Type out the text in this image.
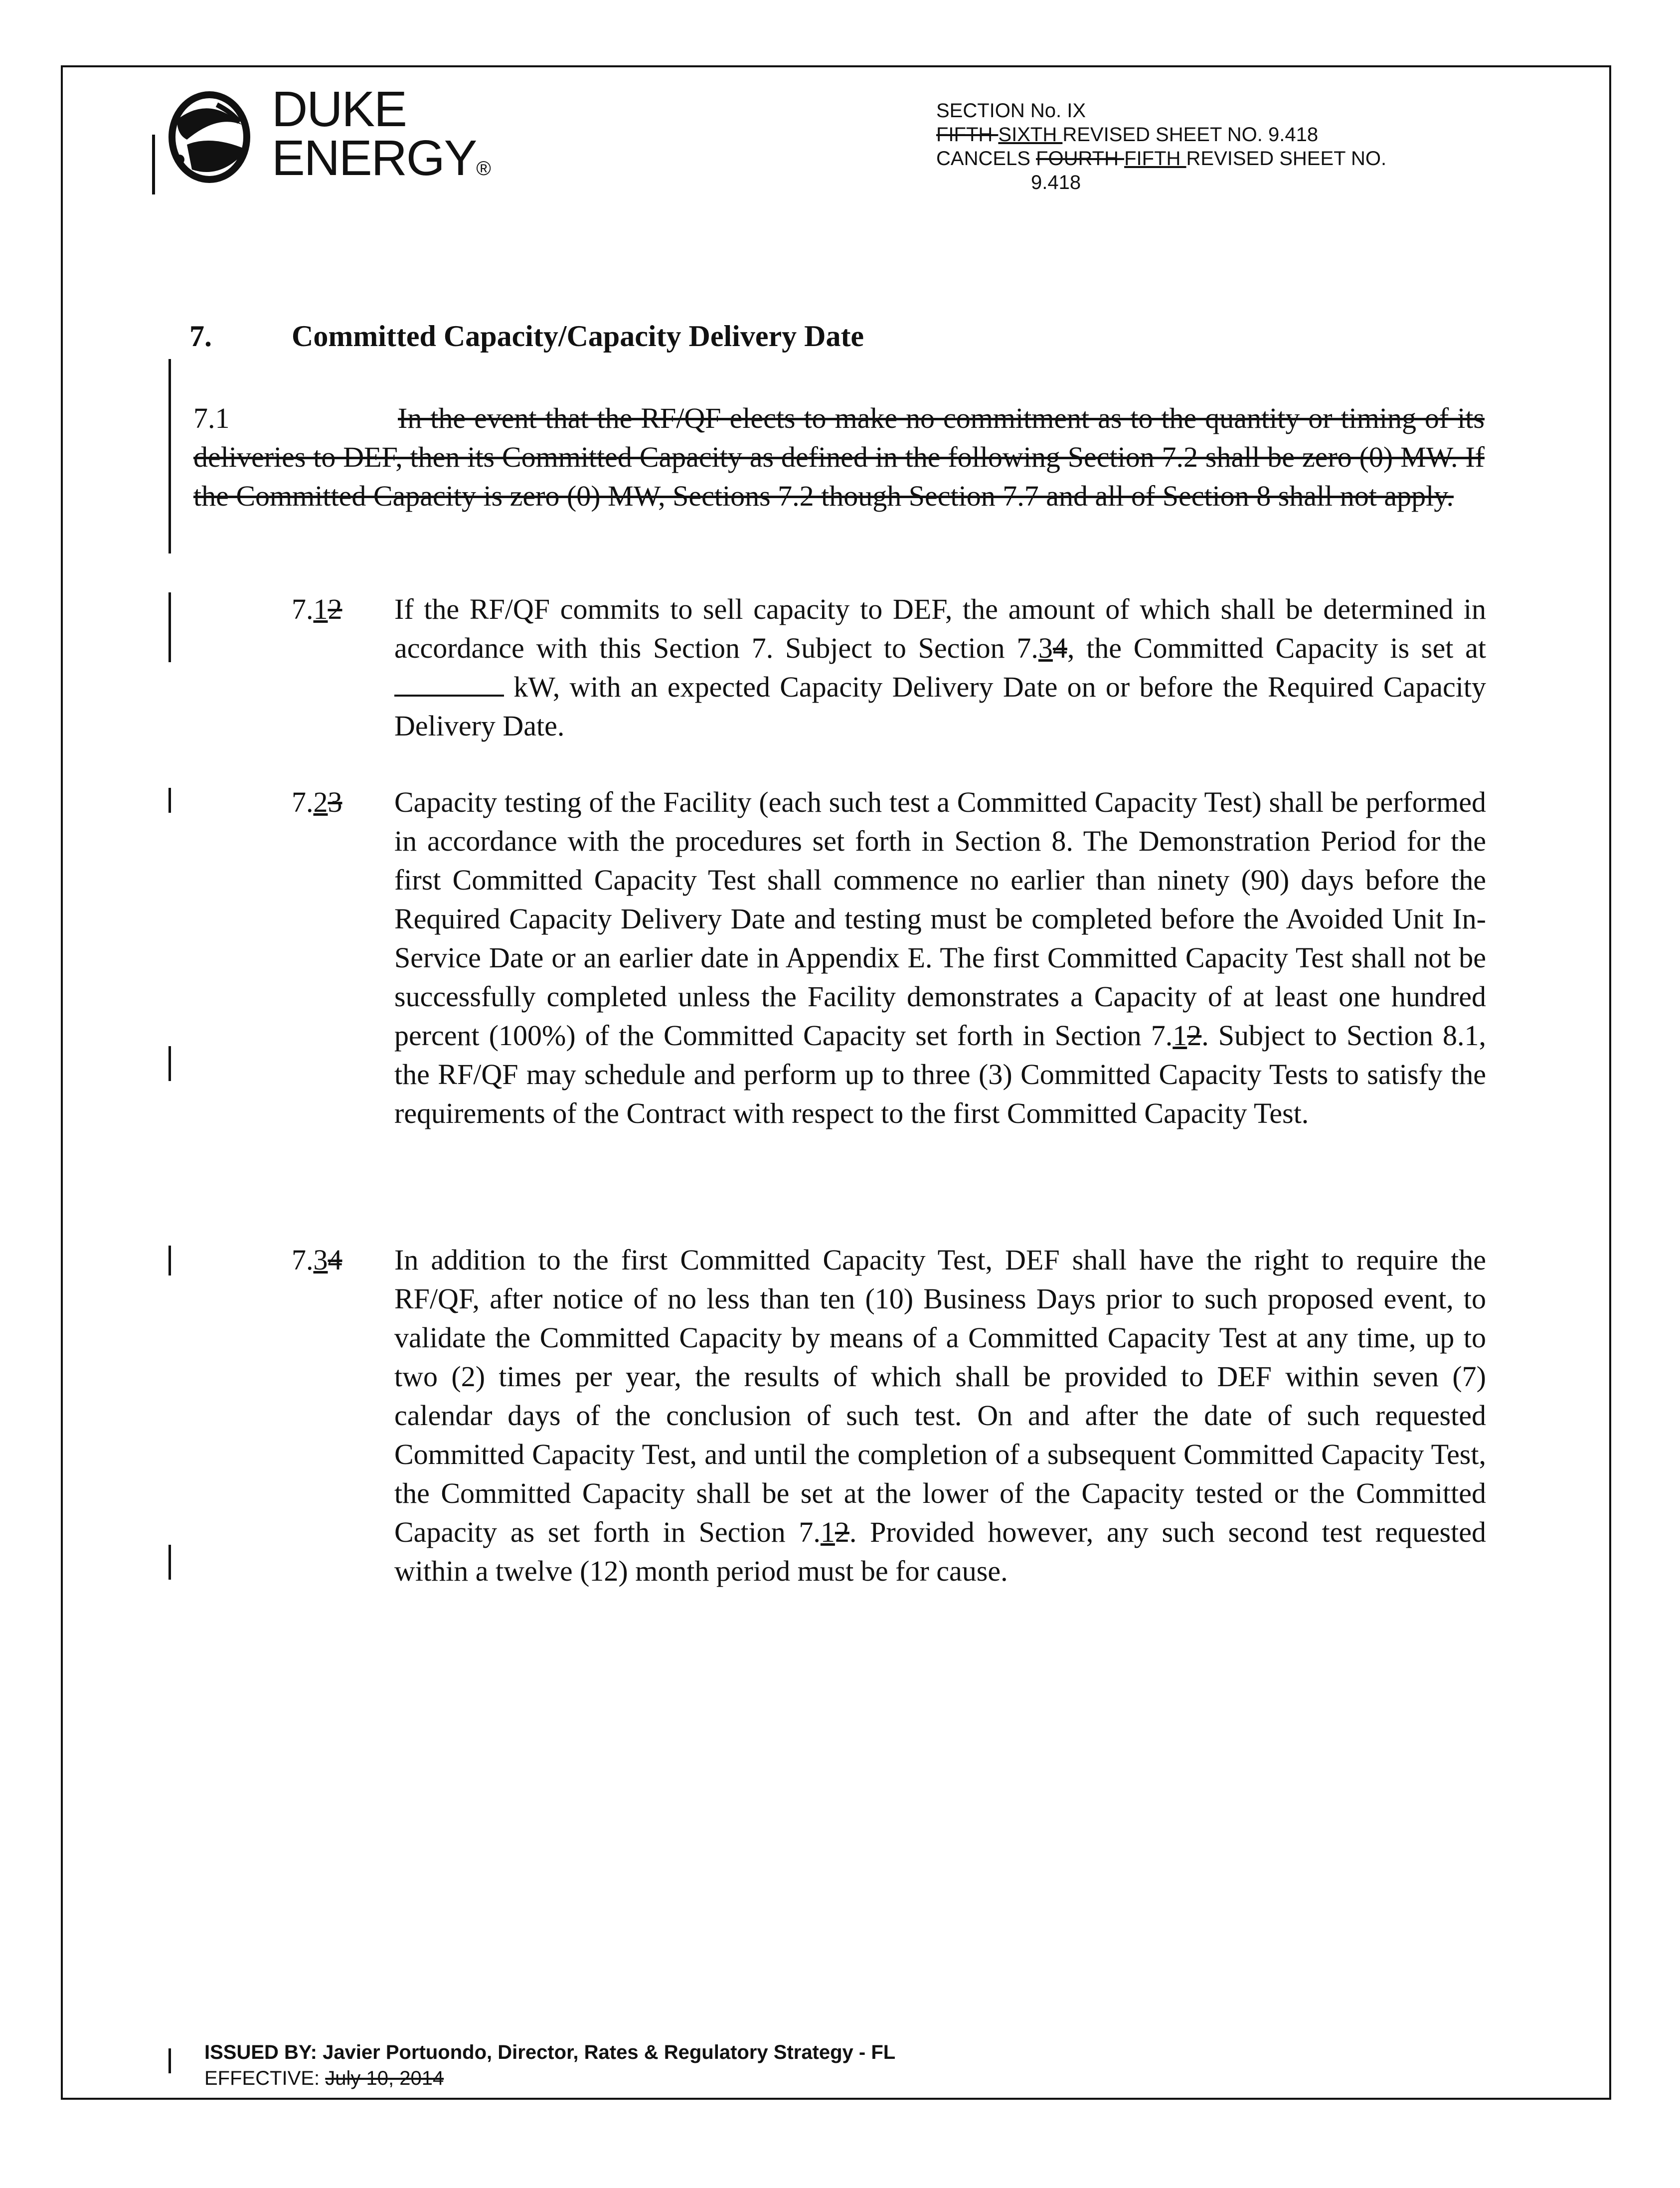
DUKE
ENERGY®
SECTION No. IX
FIFTH SIXTH REVISED SHEET NO. 9.418
CANCELS FOURTH FIFTH REVISED SHEET NO.
9.418
7.	Committed Capacity/Capacity Delivery Date
7.1	In the event that the RF/QF elects to make no commitment as to the quantity or timing of its deliveries to DEF, then its Committed Capacity as defined in the following Section 7.2 shall be zero (0) MW. If the Committed Capacity is zero (0) MW, Sections 7.2 though Section 7.7 and all of Section 8 shall not apply.
7.12 If the RF/QF commits to sell capacity to DEF, the amount of which shall be determined in accordance with this Section 7. Subject to Section 7.34, the Committed Capacity is set at  kW, with an expected Capacity Delivery Date on or before the Required Capacity Delivery Date.
7.23 Capacity testing of the Facility (each such test a Committed Capacity Test) shall be performed in accordance with the procedures set forth in Section 8. The Demonstration Period for the first Committed Capacity Test shall commence no earlier than ninety (90) days before the Required Capacity Delivery Date and testing must be completed before the Avoided Unit In-Service Date or an earlier date in Appendix E. The first Committed Capacity Test shall not be successfully completed unless the Facility demonstrates a Capacity of at least one hundred percent (100%) of the Committed Capacity set forth in Section 7.12. Subject to Section 8.1, the RF/QF may schedule and perform up to three (3) Committed Capacity Tests to satisfy the requirements of the Contract with respect to the first Committed Capacity Test.
7.34 In addition to the first Committed Capacity Test, DEF shall have the right to require the RF/QF, after notice of no less than ten (10) Business Days prior to such proposed event, to validate the Committed Capacity by means of a Committed Capacity Test at any time, up to two (2) times per year, the results of which shall be provided to DEF within seven (7) calendar days of the conclusion of such test. On and after the date of such requested Committed Capacity Test, and until the completion of a subsequent Committed Capacity Test, the Committed Capacity shall be set at the lower of the Capacity tested or the Committed Capacity as set forth in Section 7.12. Provided however, any such second test requested within a twelve (12) month period must be for cause.
ISSUED BY: Javier Portuondo, Director, Rates & Regulatory Strategy - FL
EFFECTIVE: July 10, 2014
